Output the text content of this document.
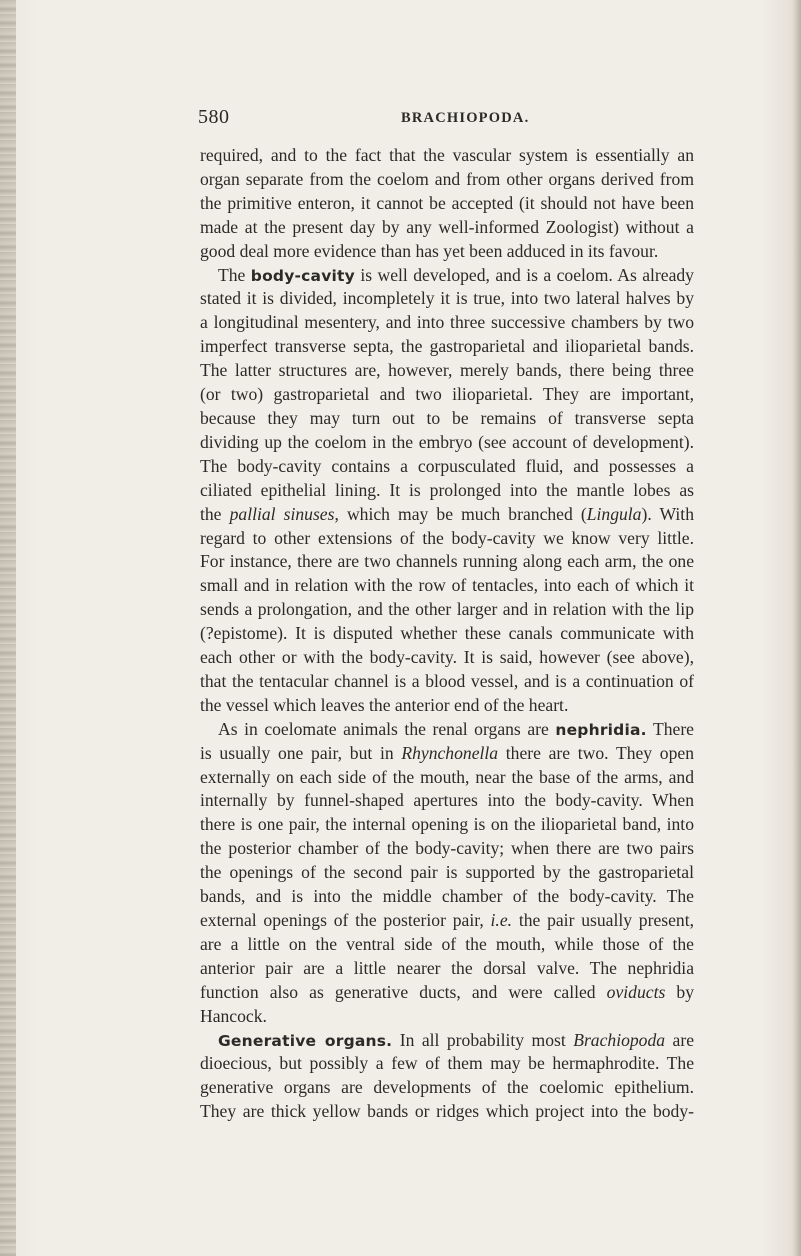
580	BRACHIOPODA.
required, and to the fact that the vascular system is essentially an
organ separate from the coelom and from other organs derived from
the primitive enteron, it cannot be accepted (it should not have been
made at the present day by any well-informed Zoologist) without a
good deal more evidence than has yet been adduced in its favour.
The body-cavity is well developed, and is a coelom. As already
stated it is divided, incompletely it is true, into two lateral halves by
a longitudinal mesentery, and into three successive chambers by two
imperfect transverse septa, the gastroparietal and ilioparietal bands.
The latter structures are, however, merely bands, there being three
(or two) gastroparietal and two ilioparietal. They are important,
because they may turn out to be remains of transverse septa
dividing up the coelom in the embryo (see account of development).
The body-cavity contains a corpusculated fluid, and possesses a
ciliated epithelial lining. It is prolonged into the mantle lobes as
the pallial sinuses, which may be much branched (Lingula). With
regard to other extensions of the body-cavity we know very little.
For instance, there are two channels running along each arm, the one
small and in relation with the row of tentacles, into each of which it
sends a prolongation, and the other larger and in relation with the lip
(?epistome). It is disputed whether these canals communicate with
each other or with the body-cavity. It is said, however (see above),
that the tentacular channel is a blood vessel, and is a continuation of
the vessel which leaves the anterior end of the heart.
As in coelomate animals the renal organs are nephridia. There
is usually one pair, but in Rhynchonella there are two. They open
externally on each side of the mouth, near the base of the arms, and
internally by funnel-shaped apertures into the body-cavity. When
there is one pair, the internal opening is on the ilioparietal band, into
the posterior chamber of the body-cavity; when there are two pairs
the openings of the second pair is supported by the gastroparietal
bands, and is into the middle chamber of the body-cavity. The
external openings of the posterior pair, i.e. the pair usually present,
are a little on the ventral side of the mouth, while those of the
anterior pair are a little nearer the dorsal valve. The nephridia
function also as generative ducts, and were called oviducts by
Hancock.
Generative organs. In all probability most Brachiopoda are
dioecious, but possibly a few of them may be hermaphrodite. The
generative organs are developments of the coelomic epithelium.
They are thick yellow bands or ridges which project into the body-
